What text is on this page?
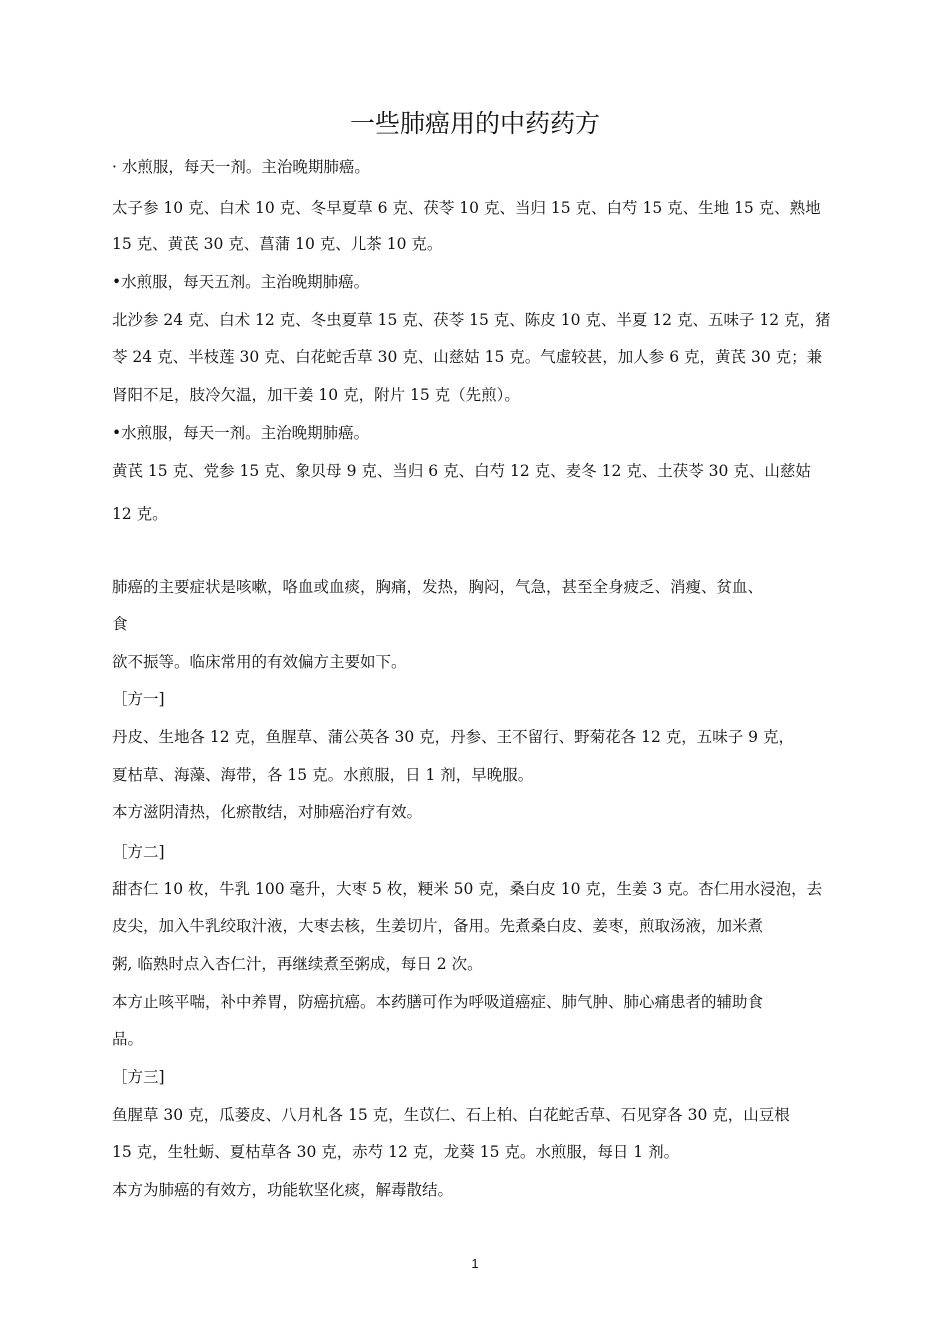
一些肺癌用的中药药方
· 水煎服，每天一剂。主治晚期肺癌。
太子参 10 克、白术 10 克、冬早夏草 6 克、茯苓 10 克、当归 15 克、白芍 15 克、生地 15 克、熟地
15 克、黄芪 30 克、菖蒲 10 克、儿茶 10 克。
•水煎服，每天五剂。主治晚期肺癌。
北沙参 24 克、白术 12 克、冬虫夏草 15 克、茯苓 15 克、陈皮 10 克、半夏 12 克、五味子 12 克，猪
苓 24 克、半枝莲 30 克、白花蛇舌草 30 克、山慈姑 15 克。气虚较甚，加人参 6 克，黄芪 30 克；兼
肾阳不足，肢冷欠温，加干姜 10 克，附片 15 克（先煎）。
•水煎服，每天一剂。主治晚期肺癌。
黄芪 15 克、党参 15 克、象贝母 9 克、当归 6 克、白芍 12 克、麦冬 12 克、土茯苓 30 克、山慈姑
12 克。
肺癌的主要症状是咳嗽，咯血或血痰，胸痛，发热，胸闷，气急，甚至全身疲乏、消瘦、贫血、
食
欲不振等。临床常用的有效偏方主要如下。
［方一]
丹皮、生地各 12 克，鱼腥草、蒲公英各 30 克，丹参、王不留行、野菊花各 12 克，五味子 9 克，
夏枯草、海藻、海带，各 15 克。水煎服，日 1 剂，早晚服。
本方滋阴清热，化瘀散结，对肺癌治疗有效。
［方二]
甜杏仁 10 枚，牛乳 100 毫升，大枣 5 枚，粳米 50 克，桑白皮 10 克，生姜 3 克。杏仁用水浸泡，去
皮尖，加入牛乳绞取汁液，大枣去核，生姜切片，备用。先煮桑白皮、姜枣，煎取汤液，加米煮
粥, 临熟时点入杏仁汁，再继续煮至粥成，每日 2 次。
本方止咳平喘，补中养胃，防癌抗癌。本药膳可作为呼吸道癌症、肺气肿、肺心痛患者的辅助食
品。
［方三]
鱼腥草 30 克，瓜蒌皮、八月札各 15 克，生苡仁、石上柏、白花蛇舌草、石见穿各 30 克，山豆根
15 克，生牡蛎、夏枯草各 30 克，赤芍 12 克，龙葵 15 克。水煎服，每日 1 剂。
本方为肺癌的有效方，功能软坚化痰，解毒散结。
1
